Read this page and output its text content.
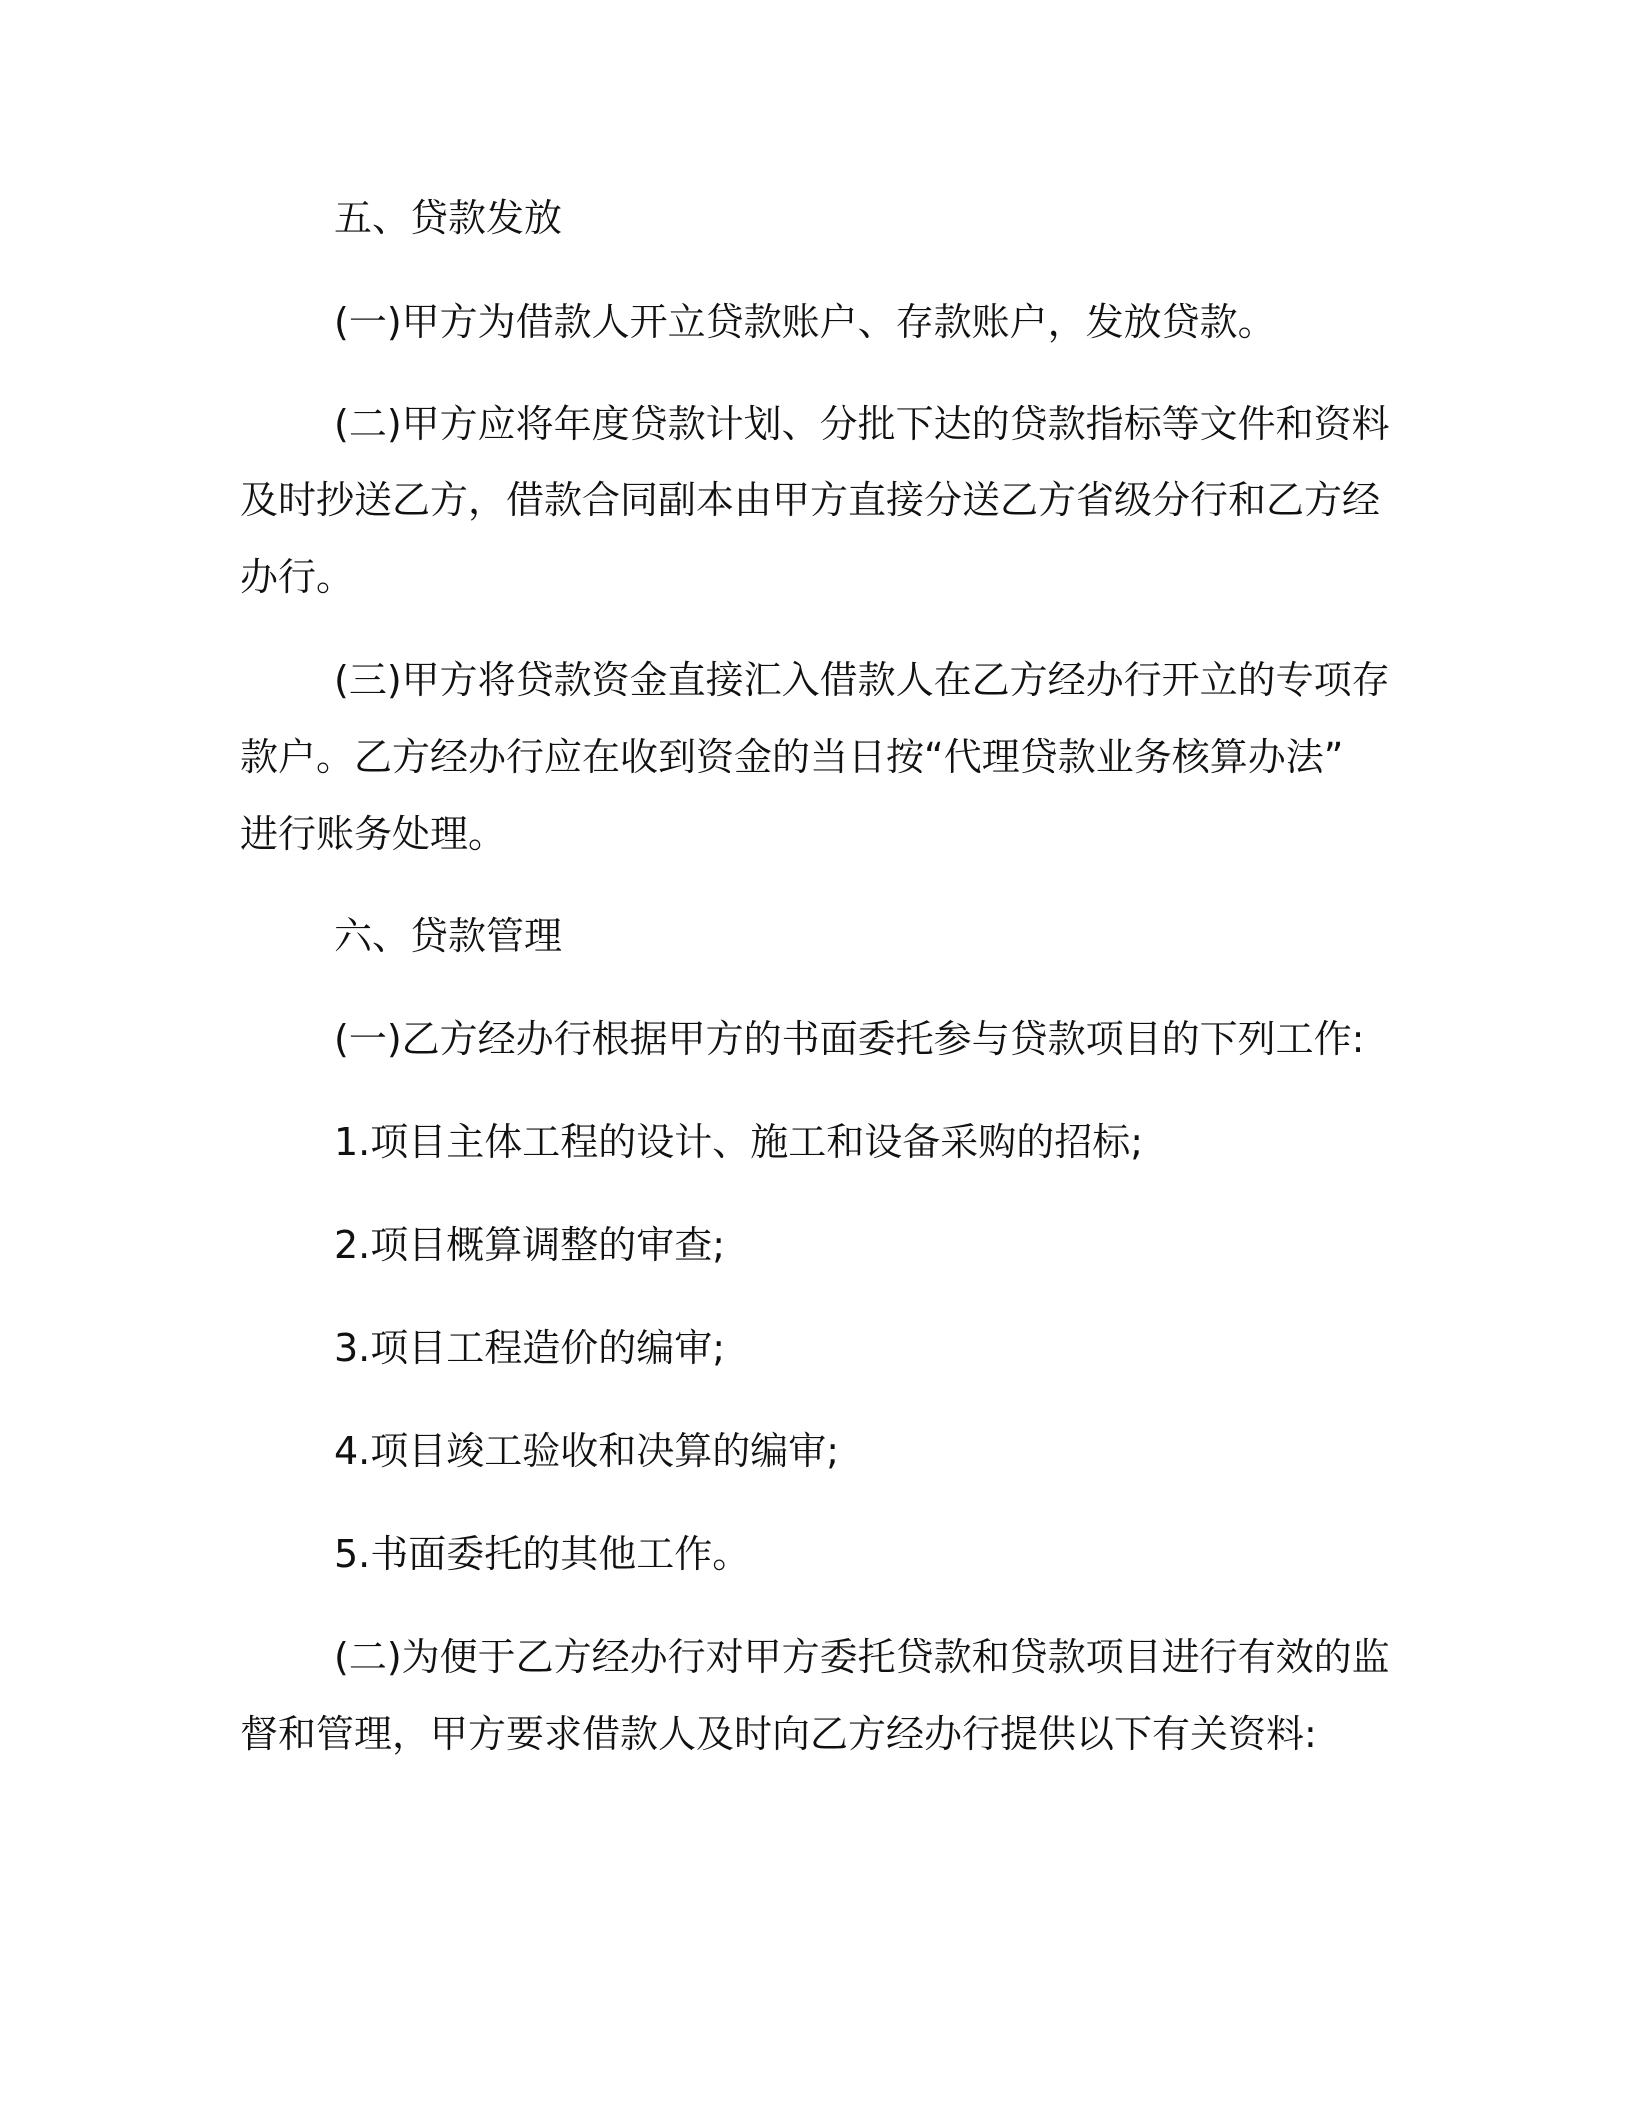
五、贷款发放

(一)甲方为借款人开立贷款账户、存款账户，发放贷款。

(二)甲方应将年度贷款计划、分批下达的贷款指标等文件和资料

及时抄送乙方，借款合同副本由甲方直接分送乙方省级分行和乙方经

办行。

(三)甲方将贷款资金直接汇入借款人在乙方经办行开立的专项存

款户。乙方经办行应在收到资金的当日按“代理贷款业务核算办法”

进行账务处理。

六、贷款管理

(一)乙方经办行根据甲方的书面委托参与贷款项目的下列工作:

1.项目主体工程的设计、施工和设备采购的招标;

2.项目概算调整的审查;

3.项目工程造价的编审;

4.项目竣工验收和决算的编审;

5.书面委托的其他工作。

(二)为便于乙方经办行对甲方委托贷款和贷款项目进行有效的监

督和管理，甲方要求借款人及时向乙方经办行提供以下有关资料:
